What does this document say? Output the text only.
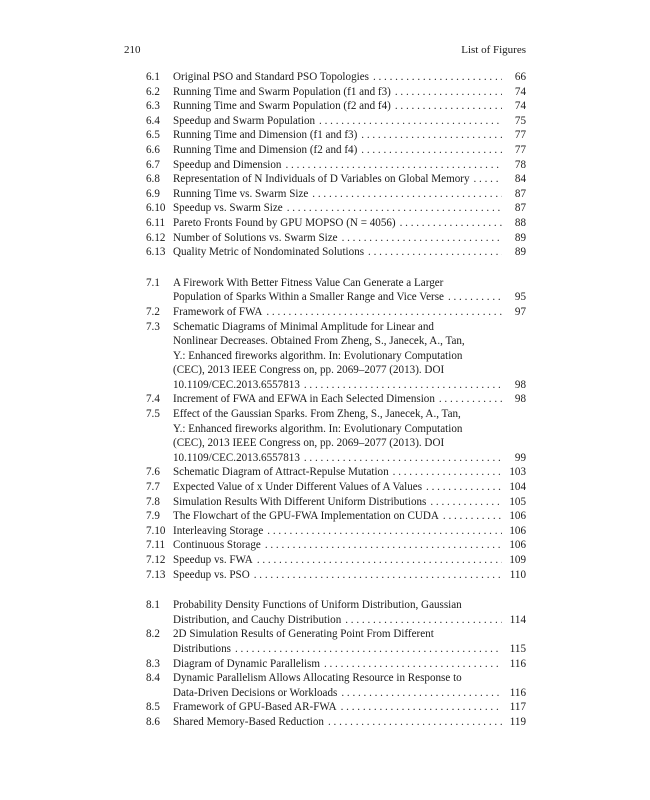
210	List of Figures
6.1	Original PSO and Standard PSO Topologies . . .	66
6.2	Running Time and Swarm Population (f1 and f3) . . .	74
6.3	Running Time and Swarm Population (f2 and f4) . . .	74
6.4	Speedup and Swarm Population . . .	75
6.5	Running Time and Dimension (f1 and f3) . . .	77
6.6	Running Time and Dimension (f2 and f4) . . .	77
6.7	Speedup and Dimension . . .	78
6.8	Representation of N Individuals of D Variables on Global Memory . . .	84
6.9	Running Time vs. Swarm Size . . .	87
6.10 Speedup vs. Swarm Size . . .	87
6.11 Pareto Fronts Found by GPU MOPSO (N = 4056) . . .	88
6.12 Number of Solutions vs. Swarm Size . . .	89
6.13 Quality Metric of Nondominated Solutions . . .	89
7.1	A Firework With Better Fitness Value Can Generate a Larger
Population of Sparks Within a Smaller Range and Vice Verse . . .	95
7.2	Framework of FWA . . .	97
7.3	Schematic Diagrams of Minimal Amplitude for Linear and
Nonlinear Decreases. Obtained From Zheng, S., Janecek, A., Tan,
Y.: Enhanced fireworks algorithm. In: Evolutionary Computation
(CEC), 2013 IEEE Congress on, pp. 2069–2077 (2013). DOI
10.1109/CEC.2013.6557813 . . .	98
7.4	Increment of FWA and EFWA in Each Selected Dimension . . .	98
7.5	Effect of the Gaussian Sparks. From Zheng, S., Janecek, A., Tan,
Y.: Enhanced fireworks algorithm. In: Evolutionary Computation
(CEC), 2013 IEEE Congress on, pp. 2069–2077 (2013). DOI
10.1109/CEC.2013.6557813 . . .	99
7.6	Schematic Diagram of Attract-Repulse Mutation . . .	103
7.7	Expected Value of x Under Different Values of A Values . . .	104
7.8	Simulation Results With Different Uniform Distributions . . .	105
7.9	The Flowchart of the GPU-FWA Implementation on CUDA . . .	106
7.10 Interleaving Storage . . .	106
7.11 Continuous Storage . . .	106
7.12 Speedup vs. FWA . . .	109
7.13 Speedup vs. PSO . . .	110
8.1	Probability Density Functions of Uniform Distribution, Gaussian
Distribution, and Cauchy Distribution . . .	114
8.2	2D Simulation Results of Generating Point From Different
Distributions . . .	115
8.3	Diagram of Dynamic Parallelism . . .	116
8.4	Dynamic Parallelism Allows Allocating Resource in Response to
Data-Driven Decisions or Workloads . . .	116
8.5	Framework of GPU-Based AR-FWA . . .	117
8.6	Shared Memory-Based Reduction . . .	119
